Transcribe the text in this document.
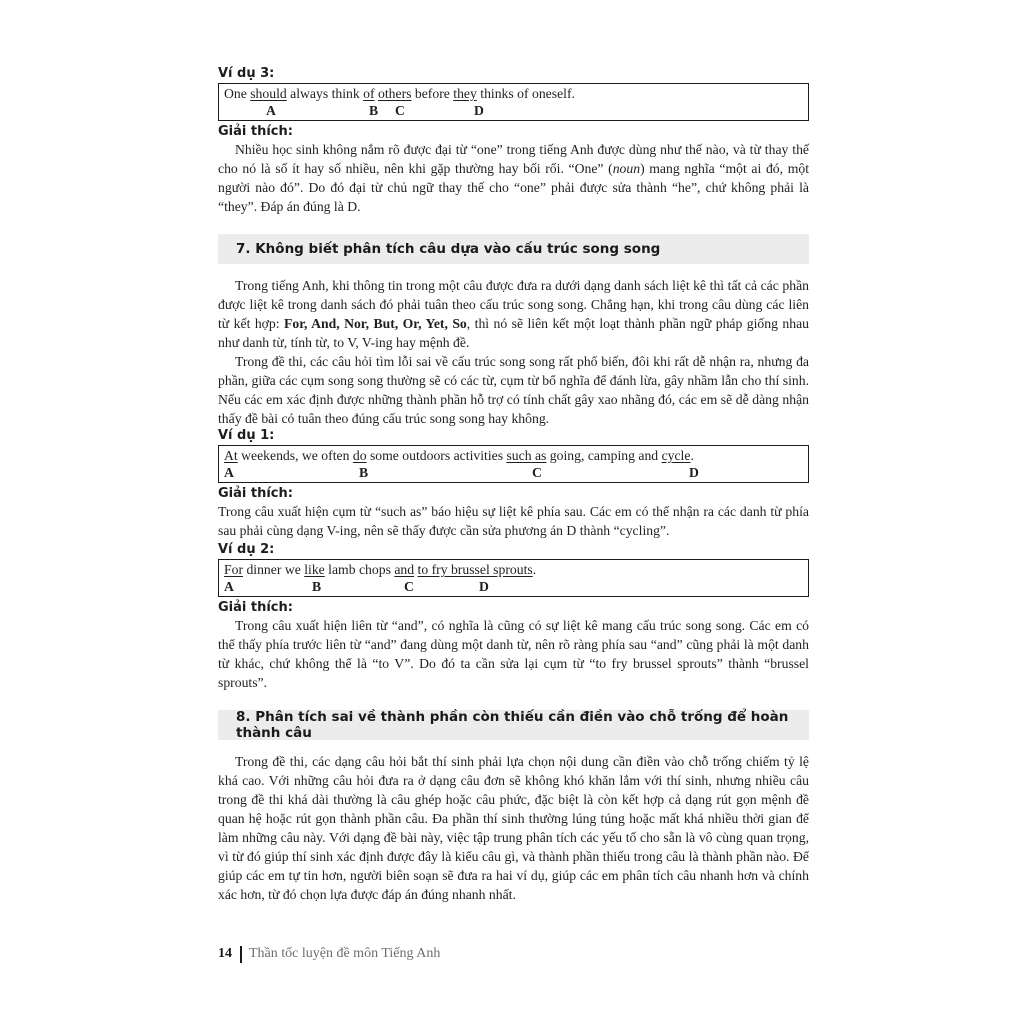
Ví dụ 3:
One should always think of others before they thinks of oneself.
A	B C	D
Giải thích:

Nhiều học sinh không nắm rõ được đại từ “one” trong tiếng Anh được dùng như thế nào, và từ thay thế cho nó là số ít hay số nhiều, nên khi gặp thường hay bối rối. “One” (noun) mang nghĩa “một ai đó, một người nào đó”. Do đó đại từ chủ ngữ thay thế cho “one” phải được sửa thành “he”, chứ không phải là “they”. Đáp án đúng là D.

7. Không biết phân tích câu dựa vào cấu trúc song song

Trong tiếng Anh, khi thông tin trong một câu được đưa ra dưới dạng danh sách liệt kê thì tất cả các phần được liệt kê trong danh sách đó phải tuân theo cấu trúc song song. Chẳng hạn, khi trong câu dùng các liên từ kết hợp: For, And, Nor, But, Or, Yet, So, thì nó sẽ liên kết một loạt thành phần ngữ pháp giống nhau như danh từ, tính từ, to V, V-ing hay mệnh đề.

Trong đề thi, các câu hỏi tìm lỗi sai về cấu trúc song song rất phổ biến, đôi khi rất dễ nhận ra, nhưng đa phần, giữa các cụm song song thường sẽ có các từ, cụm từ bổ nghĩa để đánh lừa, gây nhầm lẫn cho thí sinh. Nếu các em xác định được những thành phần hỗ trợ có tính chất gây xao nhãng đó, các em sẽ dễ dàng nhận thấy đề bài có tuân theo đúng cấu trúc song song hay không.

Ví dụ 1:
At weekends, we often do some outdoors activities such as going, camping and cycle.
A	B	C	D
Giải thích:

Trong câu xuất hiện cụm từ “such as” báo hiệu sự liệt kê phía sau. Các em có thể nhận ra các danh từ phía sau phải cùng dạng V-ing, nên sẽ thấy được cần sửa phương án D thành “cycling”.

Ví dụ 2:
For dinner we like lamb chops and to fry brussel sprouts.
A	B	C	D
Giải thích:

Trong câu xuất hiện liên từ “and”, có nghĩa là cũng có sự liệt kê mang cấu trúc song song. Các em có thể thấy phía trước liên từ “and” đang dùng một danh từ, nên rõ ràng phía sau “and” cũng phải là một danh từ khác, chứ không thể là “to V”. Do đó ta cần sửa lại cụm từ “to fry brussel sprouts” thành “brussel sprouts”.

8. Phân tích sai về thành phần còn thiếu cần điền vào chỗ trống để hoàn thành câu

Trong đề thi, các dạng câu hỏi bắt thí sinh phải lựa chọn nội dung cần điền vào chỗ trống chiếm tỷ lệ khá cao. Với những câu hỏi đưa ra ở dạng câu đơn sẽ không khó khăn lắm với thí sinh, nhưng nhiều câu trong đề thi khá dài thường là câu ghép hoặc câu phức, đặc biệt là còn kết hợp cả dạng rút gọn mệnh đề quan hệ hoặc rút gọn thành phần câu. Đa phần thí sinh thường lúng túng hoặc mất khá nhiều thời gian để làm những câu này. Với dạng đề bài này, việc tập trung phân tích các yếu tố cho sẵn là vô cùng quan trọng, vì từ đó giúp thí sinh xác định được đây là kiểu câu gì, và thành phần thiếu trong câu là thành phần nào. Để giúp các em tự tin hơn, người biên soạn sẽ đưa ra hai ví dụ, giúp các em phân tích câu nhanh hơn và chính xác hơn, từ đó chọn lựa được đáp án đúng nhanh nhất.

14 Thần tốc luyện đề môn Tiếng Anh
